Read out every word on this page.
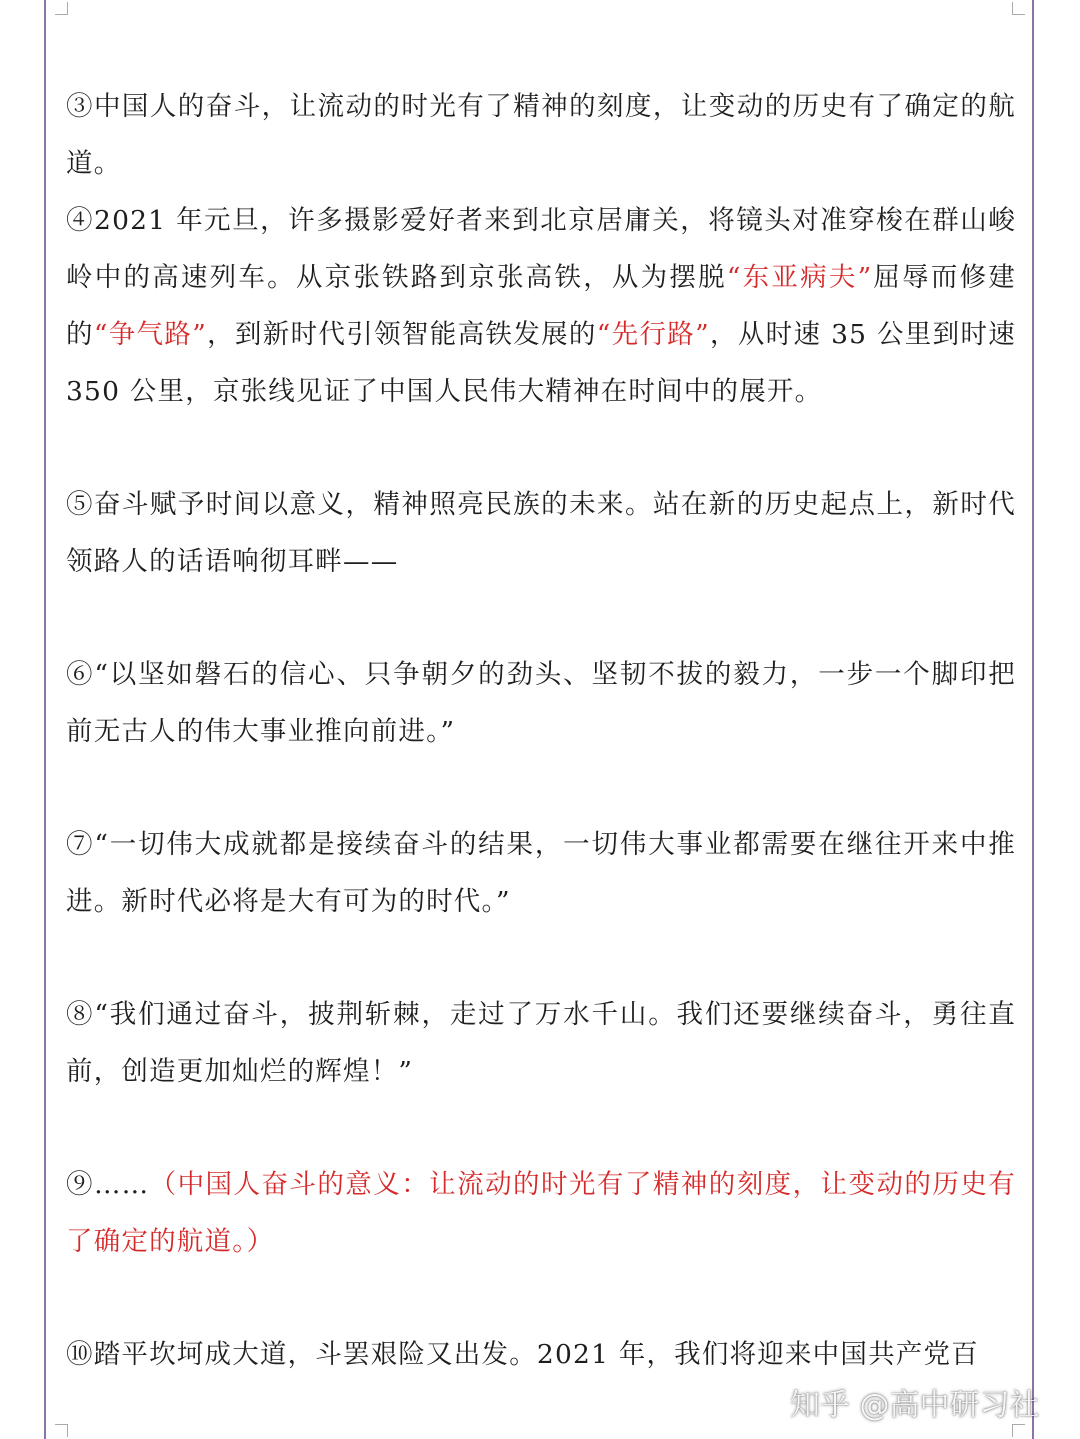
③中国人的奋斗，让流动的时光有了精神的刻度，让变动的历史有了确定的航道。

④2021 年元旦，许多摄影爱好者来到北京居庸关，将镜头对准穿梭在群山峻岭中的高速列车。从京张铁路到京张高铁，从为摆脱“东亚病夫”屈辱而修建的“争气路”，到新时代引领智能高铁发展的“先行路”，从时速 35 公里到时速 350 公里，京张线见证了中国人民伟大精神在时间中的展开。

⑤奋斗赋予时间以意义，精神照亮民族的未来。站在新的历史起点上，新时代领路人的话语响彻耳畔——

⑥“以坚如磐石的信心、只争朝夕的劲头、坚韧不拔的毅力，一步一个脚印把前无古人的伟大事业推向前进。”

⑦“一切伟大成就都是接续奋斗的结果，一切伟大事业都需要在继往开来中推进。新时代必将是大有可为的时代。”

⑧“我们通过奋斗，披荆斩棘，走过了万水千山。我们还要继续奋斗，勇往直前，创造更加灿烂的辉煌！”

⑨……（中国人奋斗的意义：让流动的时光有了精神的刻度，让变动的历史有了确定的航道。）

⑩踏平坎坷成大道，斗罢艰险又出发。2021 年，我们将迎来中国共产党百

知乎 @高中研习社
